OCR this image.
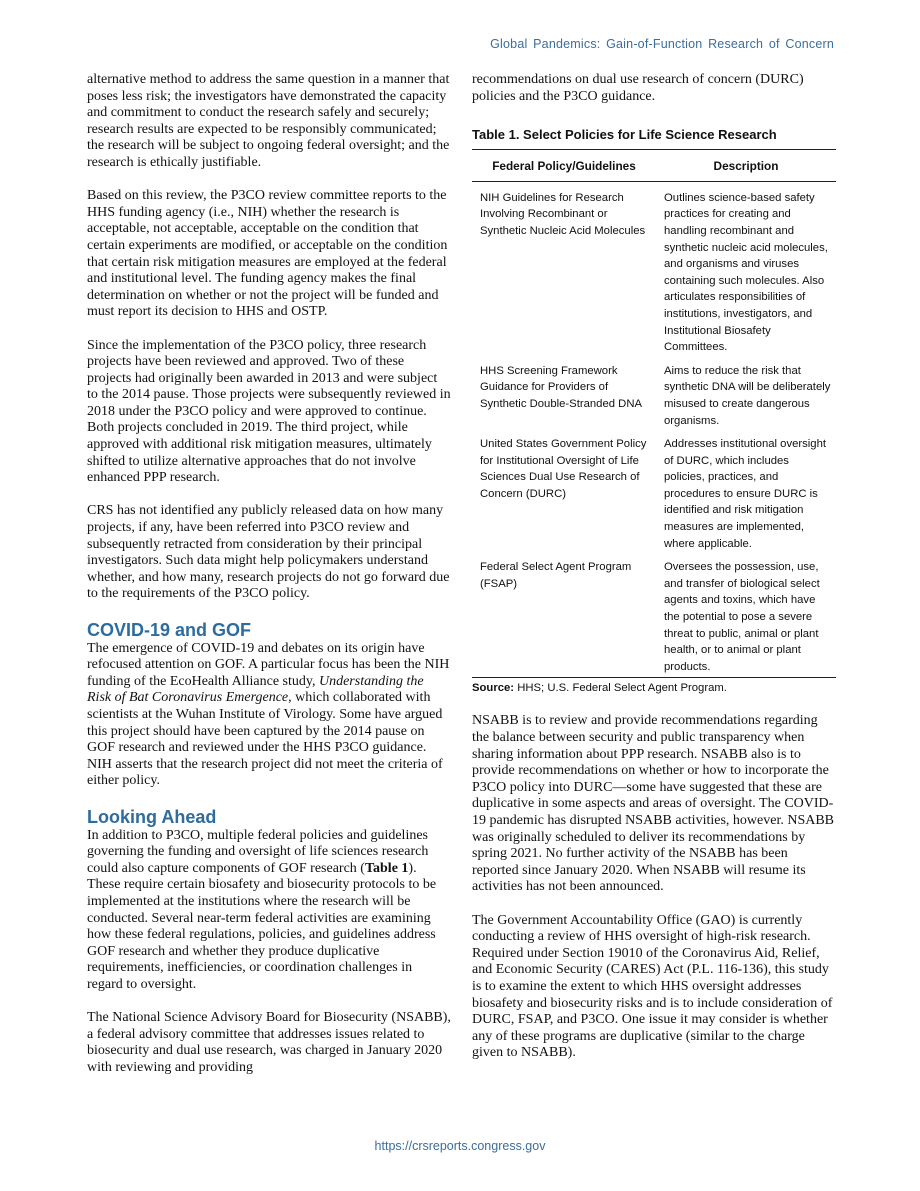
Global Pandemics: Gain-of-Function Research of Concern

alternative method to address the same question in a manner that poses less risk; the investigators have demonstrated the capacity and commitment to conduct the research safely and securely; research results are expected to be responsibly communicated; the research will be subject to ongoing federal oversight; and the research is ethically justifiable.

Based on this review, the P3CO review committee reports to the HHS funding agency (i.e., NIH) whether the research is acceptable, not acceptable, acceptable on the condition that certain experiments are modified, or acceptable on the condition that certain risk mitigation measures are employed at the federal and institutional level. The funding agency makes the final determination on whether or not the project will be funded and must report its decision to HHS and OSTP.

Since the implementation of the P3CO policy, three research projects have been reviewed and approved. Two of these projects had originally been awarded in 2013 and were subject to the 2014 pause. Those projects were subsequently reviewed in 2018 under the P3CO policy and were approved to continue. Both projects concluded in 2019. The third project, while approved with additional risk mitigation measures, ultimately shifted to utilize alternative approaches that do not involve enhanced PPP research.

CRS has not identified any publicly released data on how many projects, if any, have been referred into P3CO review and subsequently retracted from consideration by their principal investigators. Such data might help policymakers understand whether, and how many, research projects do not go forward due to the requirements of the P3CO policy.

COVID-19 and GOF

The emergence of COVID-19 and debates on its origin have refocused attention on GOF. A particular focus has been the NIH funding of the EcoHealth Alliance study, Understanding the Risk of Bat Coronavirus Emergence, which collaborated with scientists at the Wuhan Institute of Virology. Some have argued this project should have been captured by the 2014 pause on GOF research and reviewed under the HHS P3CO guidance. NIH asserts that the research project did not meet the criteria of either policy.

Looking Ahead

In addition to P3CO, multiple federal policies and guidelines governing the funding and oversight of life sciences research could also capture components of GOF research (Table 1). These require certain biosafety and biosecurity protocols to be implemented at the institutions where the research will be conducted. Several near-term federal activities are examining how these federal regulations, policies, and guidelines address GOF research and whether they produce duplicative requirements, inefficiencies, or coordination challenges in regard to oversight.

The National Science Advisory Board for Biosecurity (NSABB), a federal advisory committee that addresses issues related to biosecurity and dual use research, was charged in January 2020 with reviewing and providing

recommendations on dual use research of concern (DURC) policies and the P3CO guidance.

Table 1. Select Policies for Life Science Research
Federal Policy/Guidelines	Description
NIH Guidelines for Research Involving Recombinant or Synthetic Nucleic Acid Molecules	Outlines science-based safety practices for creating and handling recombinant and synthetic nucleic acid molecules, and organisms and viruses containing such molecules. Also articulates responsibilities of institutions, investigators, and Institutional Biosafety Committees.
HHS Screening Framework Guidance for Providers of Synthetic Double-Stranded DNA	Aims to reduce the risk that synthetic DNA will be deliberately misused to create dangerous organisms.
United States Government Policy for Institutional Oversight of Life Sciences Dual Use Research of Concern (DURC)	Addresses institutional oversight of DURC, which includes policies, practices, and procedures to ensure DURC is identified and risk mitigation measures are implemented, where applicable.
Federal Select Agent Program (FSAP)	Oversees the possession, use, and transfer of biological select agents and toxins, which have the potential to pose a severe threat to public, animal or plant health, or to animal or plant products.
Source: HHS; U.S. Federal Select Agent Program.

NSABB is to review and provide recommendations regarding the balance between security and public transparency when sharing information about PPP research. NSABB also is to provide recommendations on whether or how to incorporate the P3CO policy into DURC—some have suggested that these are duplicative in some aspects and areas of oversight. The COVID-19 pandemic has disrupted NSABB activities, however. NSABB was originally scheduled to deliver its recommendations by spring 2021. No further activity of the NSABB has been reported since January 2020. When NSABB will resume its activities has not been announced.

The Government Accountability Office (GAO) is currently conducting a review of HHS oversight of high-risk research. Required under Section 19010 of the Coronavirus Aid, Relief, and Economic Security (CARES) Act (P.L. 116-136), this study is to examine the extent to which HHS oversight addresses biosafety and biosecurity risks and is to include consideration of DURC, FSAP, and P3CO. One issue it may consider is whether any of these programs are duplicative (similar to the charge given to NSABB).

https://crsreports.congress.gov
